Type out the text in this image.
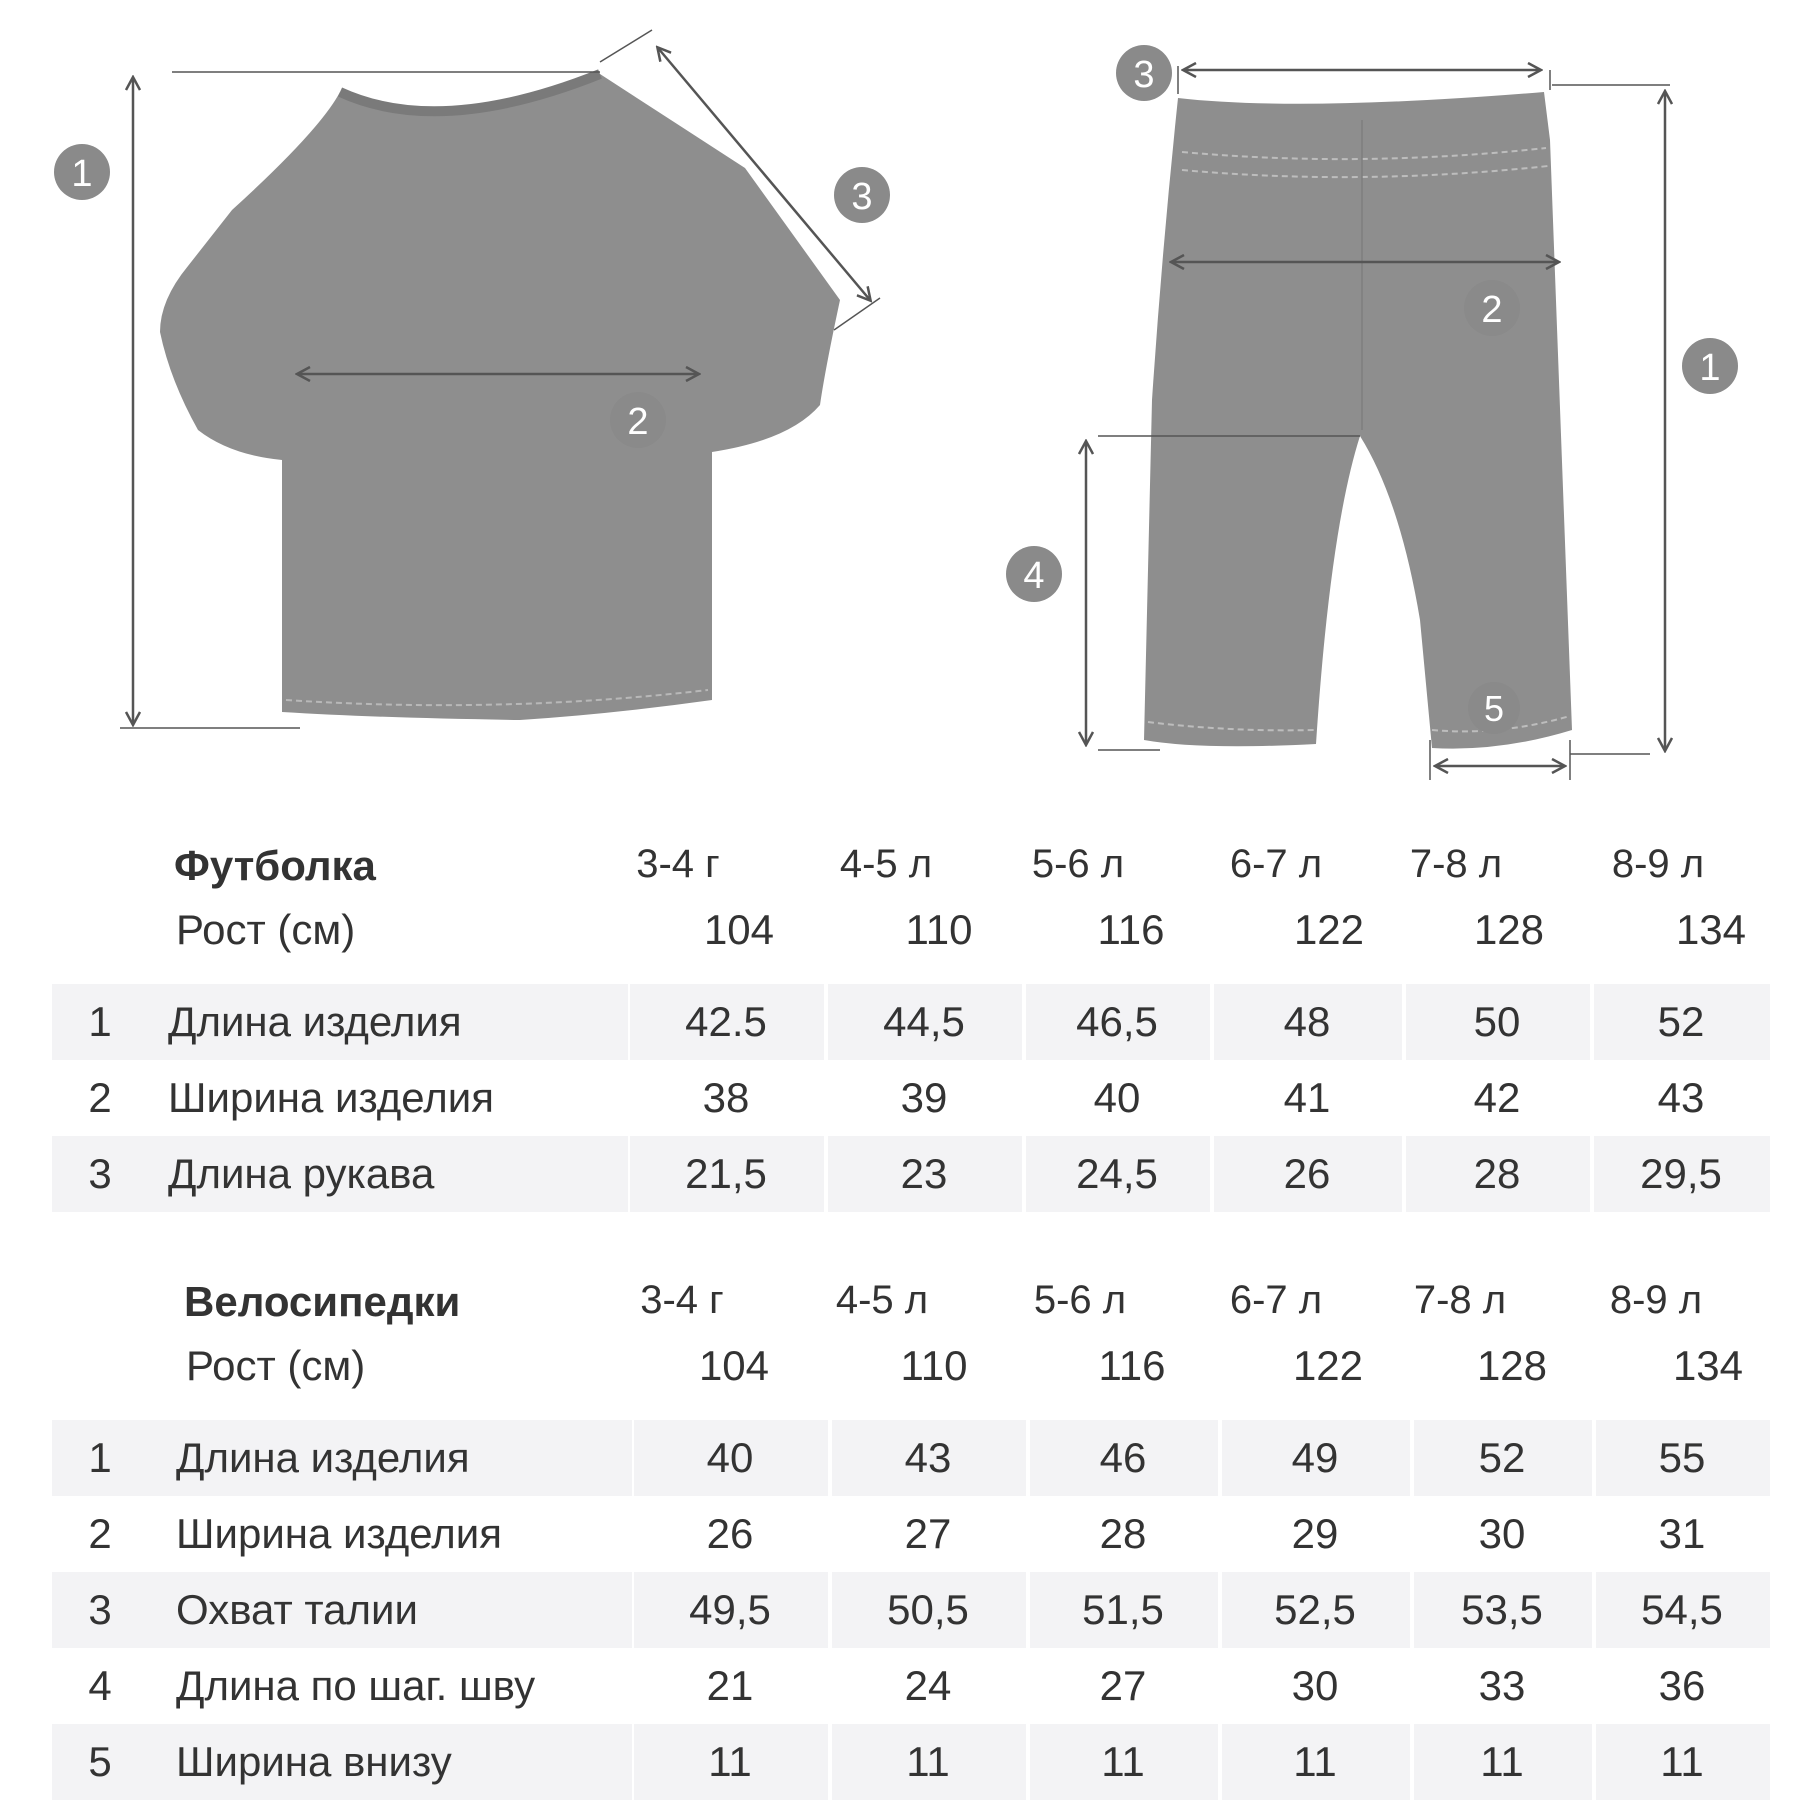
1
2
3
1
2
3
4
5
Футболка	3-4 г	4-5 л	5-6 л	6-7 л	7-8 л	8-9 л
Рост (см)	104	110	116	122	128	134
1	Длина изделия	42.5	44,5	46,5	48	50	52
2	Ширина изделия	38	39	40	41	42	43
3	Длина рукава	21,5	23	24,5	26	28	29,5
Велосипедки	3-4 г	4-5 л	5-6 л	6-7 л	7-8 л	8-9 л
Рост (см)	104	110	116	122	128	134
1	Длина изделия	40	43	46	49	52	55
2	Ширина изделия	26	27	28	29	30	31
3	Охват талии	49,5	50,5	51,5	52,5	53,5	54,5
4	Длина по шаг. шву	21	24	27	30	33	36
5	Ширина внизу	11	11	11	11	11	11
